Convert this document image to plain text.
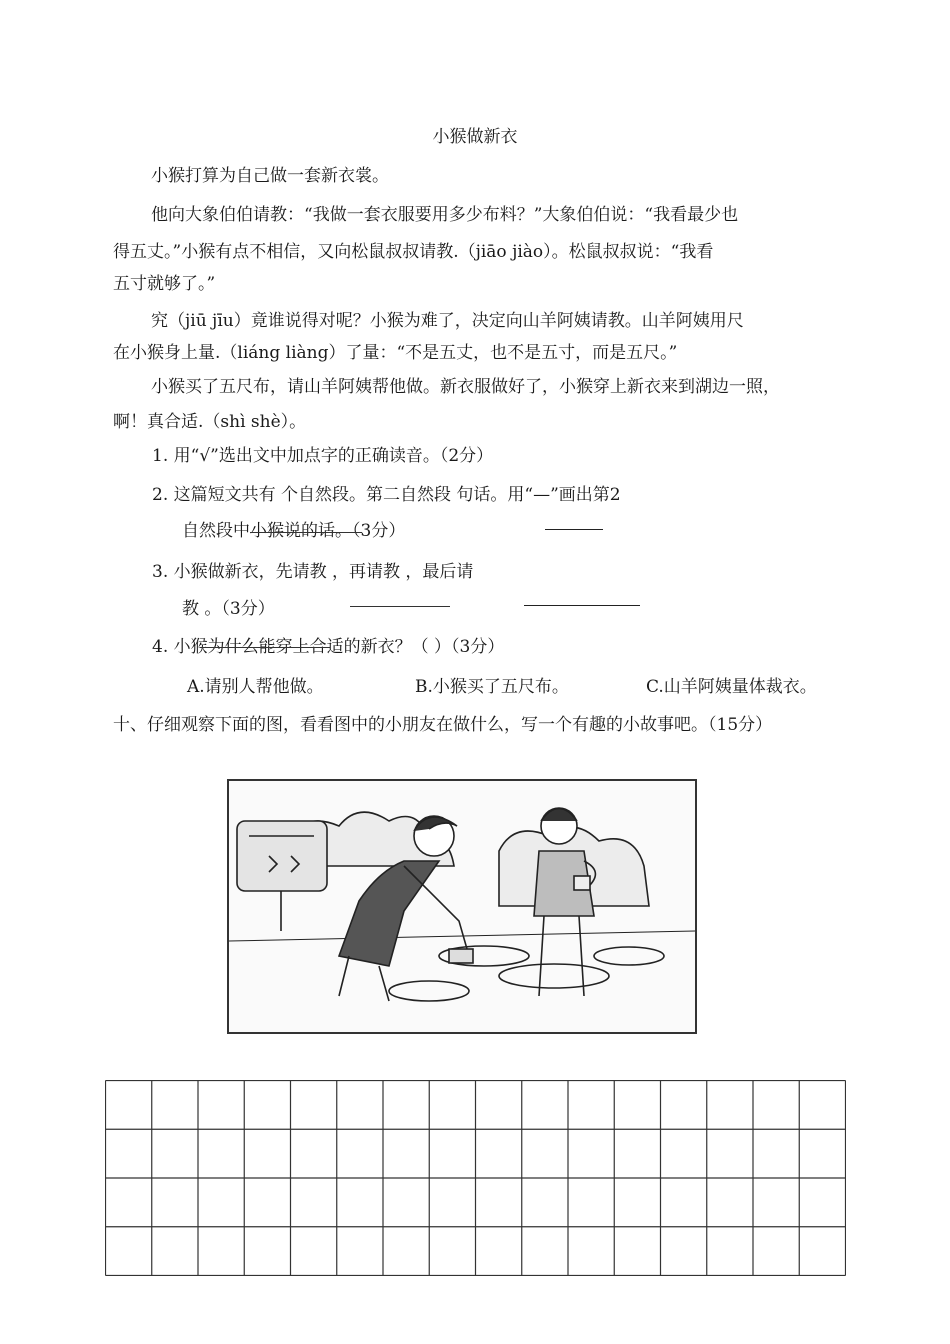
小猴做新衣
小猴打算为自己做一套新衣裳。
他向大象伯伯请教：“我做一套衣服要用多少布料？”大象伯伯说：“我看最少也
得五丈。”小猴有点不相信，又向松鼠叔叔请教.（jiāo jiào）。松鼠叔叔说：“我看
五寸就够了。”
究（jiū jīu）竟谁说得对呢？小猴为难了，决定向山羊阿姨请教。山羊阿姨用尺
在小猴身上量.（liáng liàng）了量：“不是五丈，也不是五寸，而是五尺。”
小猴买了五尺布，请山羊阿姨帮他做。新衣服做好了，小猴穿上新衣来到湖边一照，
啊！真合适.（shì shè）。
1. 用“√”选出文中加点字的正确读音。（2分）
2. 这篇短文共有 个自然段。第二自然段 句话。用“—”画出第2
自然段中小猴说的话。（3分）
3. 小猴做新衣，先请教 ，再请教 ，最后请
教 。（3分）
4. 小猴为什么能穿上合适的新衣？（ ）（3分）
A.请别人帮他做。	B.小猴买了五尺布。	C.山羊阿姨量体裁衣。
十、仔细观察下面的图，看看图中的小朋友在做什么，写一个有趣的小故事吧。（15分）
